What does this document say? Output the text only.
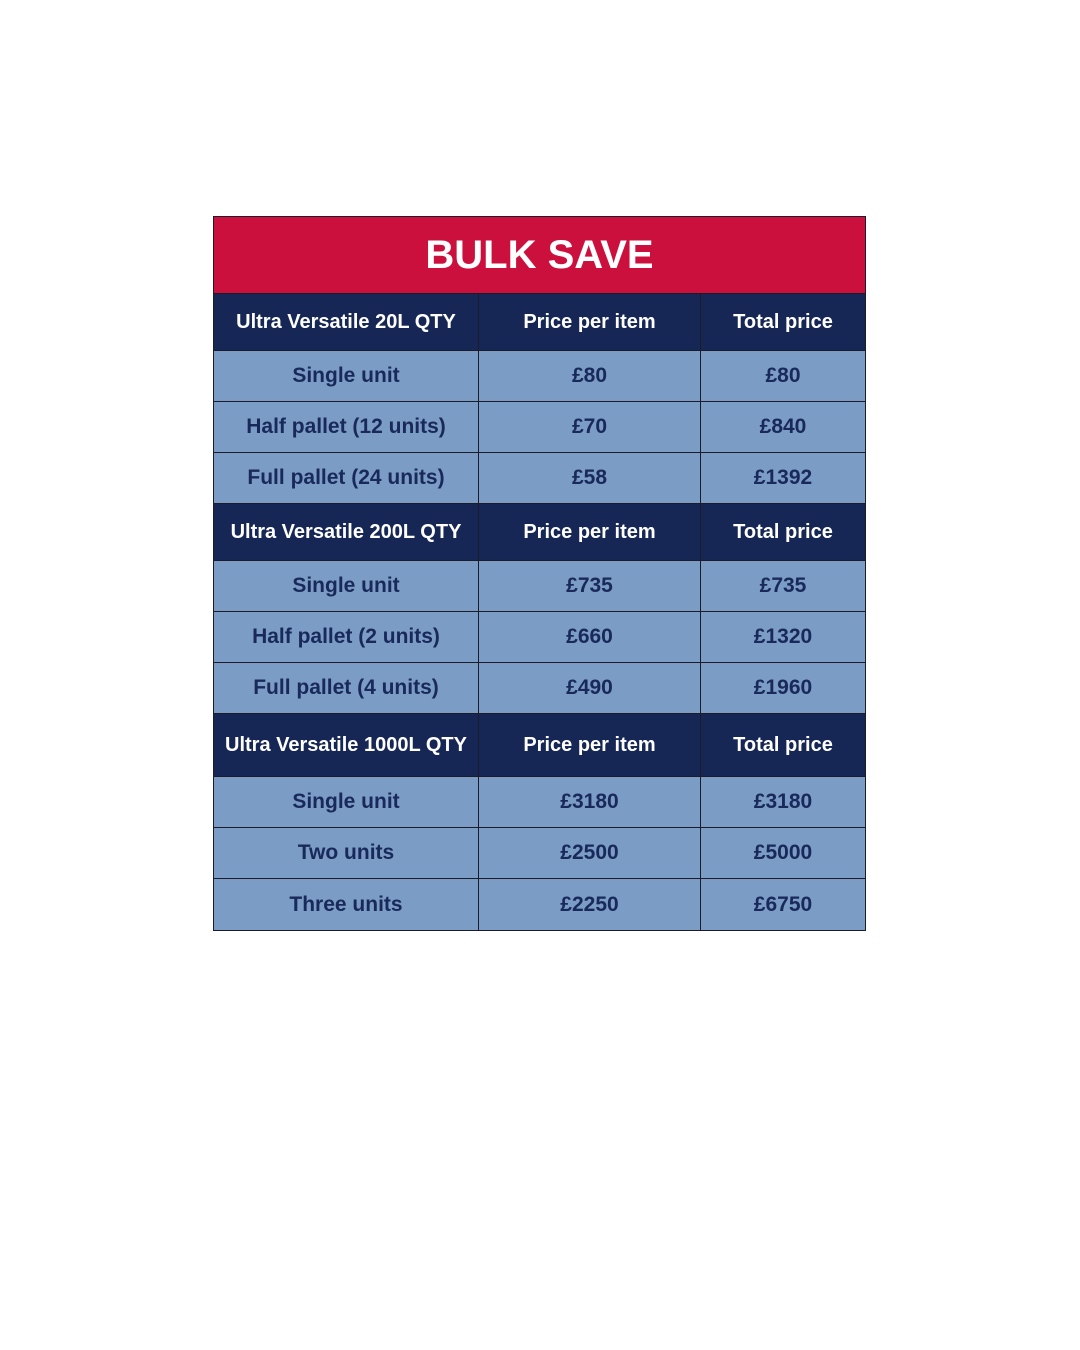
BULK SAVE
Ultra Versatile 20L QTY	Price per item	Total price
Single unit	£80	£80
Half pallet (12 units)	£70	£840
Full pallet (24 units)	£58	£1392
Ultra Versatile 200L QTY	Price per item	Total price
Single unit	£735	£735
Half pallet (2 units)	£660	£1320
Full pallet (4 units)	£490	£1960
Ultra Versatile 1000L QTY	Price per item	Total price
Single unit	£3180	£3180
Two units	£2500	£5000
Three units	£2250	£6750
